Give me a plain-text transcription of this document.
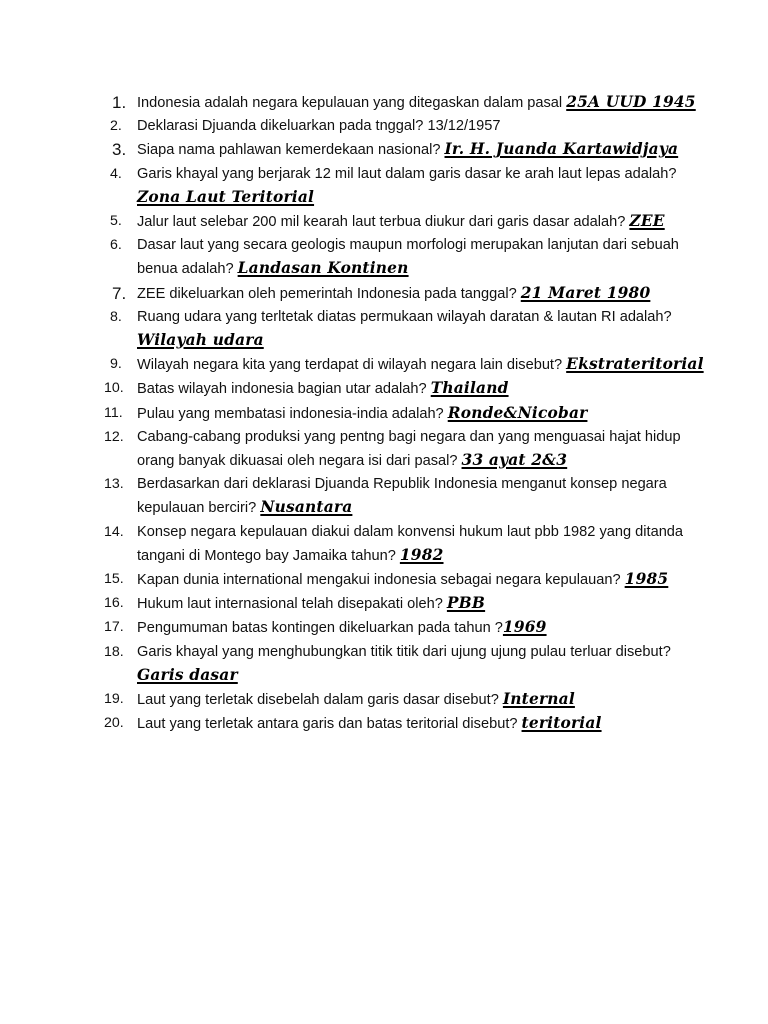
1. Indonesia adalah negara kepulauan yang ditegaskan dalam pasal 25A UUD 1945
2.	Deklarasi Djuanda dikeluarkan pada tnggal? 13/12/1957
3. Siapa nama pahlawan kemerdekaan nasional? Ir. H. Juanda Kartawidjaya
4.	Garis khayal yang berjarak 12 mil laut dalam garis dasar ke arah laut lepas adalah? Zona Laut Teritorial
5.	Jalur laut selebar 200 mil kearah laut terbua diukur dari garis dasar adalah? ZEE
6.	Dasar laut yang secara geologis maupun morfologi merupakan lanjutan dari sebuah benua adalah? Landasan Kontinen
7. ZEE dikeluarkan oleh pemerintah Indonesia pada tanggal? 21 Maret 1980
8.	Ruang udara yang terltetak diatas permukaan wilayah daratan & lautan RI adalah? Wilayah udara
9.	Wilayah negara kita yang terdapat di wilayah negara lain disebut? Ekstrateritorial
10. Batas wilayah indonesia bagian utar adalah? Thailand
11. Pulau yang membatasi indonesia-india adalah? Ronde&Nicobar
12. Cabang-cabang produksi yang pentng bagi negara dan yang menguasai hajat hidup orang banyak dikuasai oleh negara isi dari pasal? 33 ayat 2&3
13. Berdasarkan dari deklarasi Djuanda Republik Indonesia menganut konsep negara kepulauan berciri? Nusantara
14. Konsep negara kepulauan diakui dalam konvensi hukum laut pbb 1982 yang ditanda tangani di Montego bay Jamaika tahun? 1982
15. Kapan dunia international mengakui indonesia sebagai negara kepulauan? 1985
16. Hukum laut internasional telah disepakati oleh? PBB
17. Pengumuman batas kontingen dikeluarkan pada tahun ?1969
18. Garis khayal yang menghubungkan titik titik dari ujung ujung pulau terluar disebut? Garis dasar
19. Laut yang terletak disebelah dalam garis dasar disebut? Internal
20. Laut yang terletak antara garis dan batas teritorial disebut? teritorial
